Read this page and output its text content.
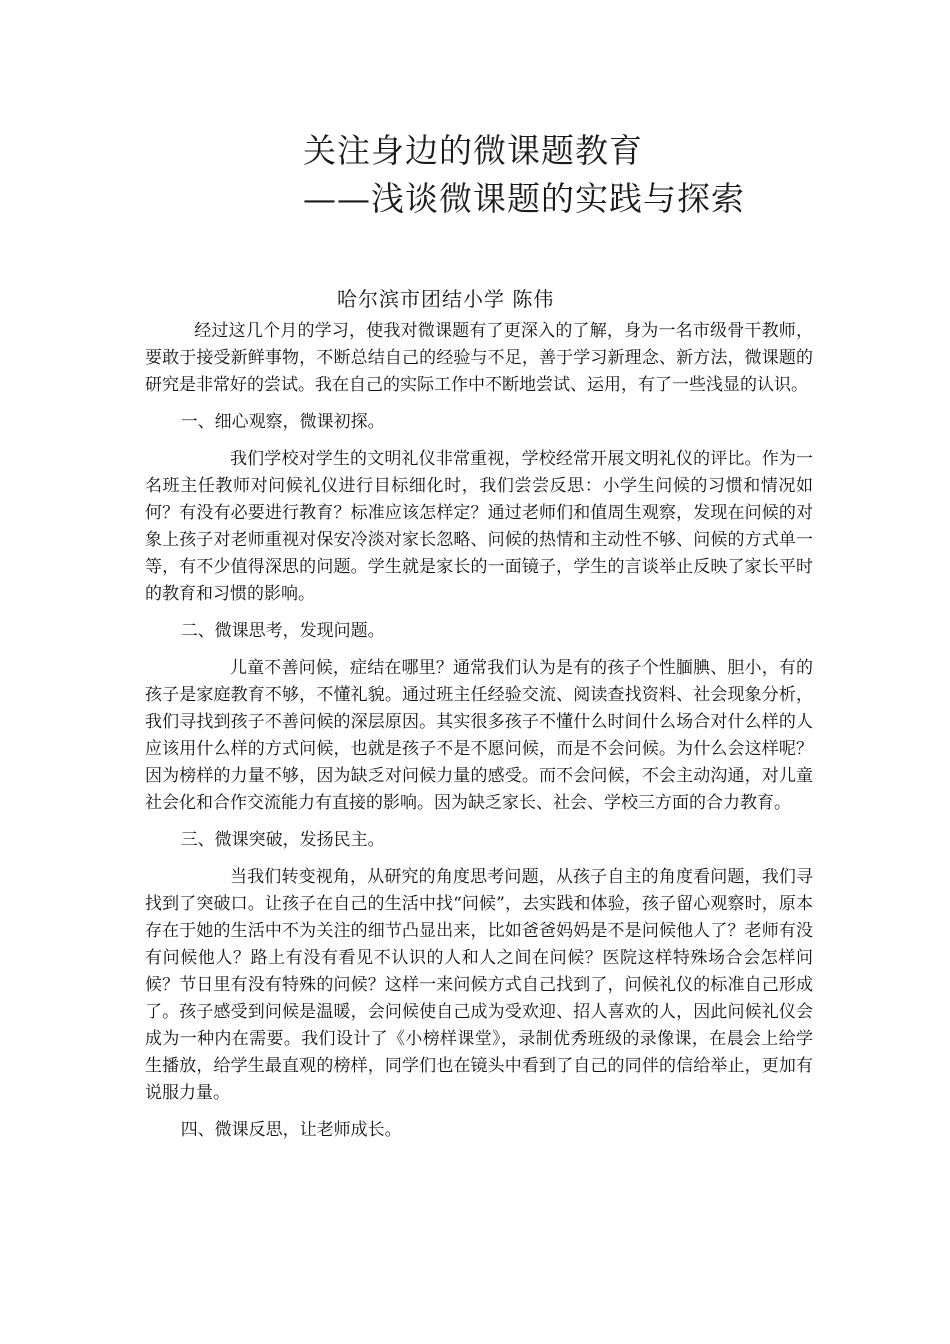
关注身边的微课题教育
——浅谈微课题的实践与探索
哈尔滨市团结小学 陈伟

经过这几个月的学习，使我对微课题有了更深入的了解，身为一名市级骨干教师，要敢于接受新鲜事物，不断总结自己的经验与不足，善于学习新理念、新方法，微课题的研究是非常好的尝试。我在自己的实际工作中不断地尝试、运用，有了一些浅显的认识。

一、细心观察，微课初探。

我们学校对学生的文明礼仪非常重视，学校经常开展文明礼仪的评比。作为一名班主任教师对问候礼仪进行目标细化时，我们尝尝反思：小学生问候的习惯和情况如何？有没有必要进行教育？标准应该怎样定？通过老师们和值周生观察，发现在问候的对象上孩子对老师重视对保安冷淡对家长忽略、问候的热情和主动性不够、问候的方式单一等，有不少值得深思的问题。学生就是家长的一面镜子，学生的言谈举止反映了家长平时的教育和习惯的影响。

二、微课思考，发现问题。

儿童不善问候，症结在哪里？通常我们认为是有的孩子个性腼腆、胆小，有的孩子是家庭教育不够，不懂礼貌。通过班主任经验交流、阅读查找资料、社会现象分析，我们寻找到孩子不善问候的深层原因。其实很多孩子不懂什么时间什么场合对什么样的人应该用什么样的方式问候，也就是孩子不是不愿问候，而是不会问候。为什么会这样呢？因为榜样的力量不够，因为缺乏对问候力量的感受。而不会问候，不会主动沟通，对儿童社会化和合作交流能力有直接的影响。因为缺乏家长、社会、学校三方面的合力教育。

三、微课突破，发扬民主。

当我们转变视角，从研究的角度思考问题，从孩子自主的角度看问题，我们寻找到了突破口。让孩子在自己的生活中找“问候”，去实践和体验，孩子留心观察时，原本存在于她的生活中不为关注的细节凸显出来，比如爸爸妈妈是不是问候他人了？老师有没有问候他人？路上有没有看见不认识的人和人之间在问候？医院这样特殊场合会怎样问候？节日里有没有特殊的问候？这样一来问候方式自己找到了，问候礼仪的标准自己形成了。孩子感受到问候是温暖，会问候使自己成为受欢迎、招人喜欢的人，因此问候礼仪会成为一种内在需要。我们设计了《小榜样课堂》，录制优秀班级的录像课，在晨会上给学生播放，给学生最直观的榜样，同学们也在镜头中看到了自己的同伴的信给举止，更加有说服力量。

四、微课反思，让老师成长。
